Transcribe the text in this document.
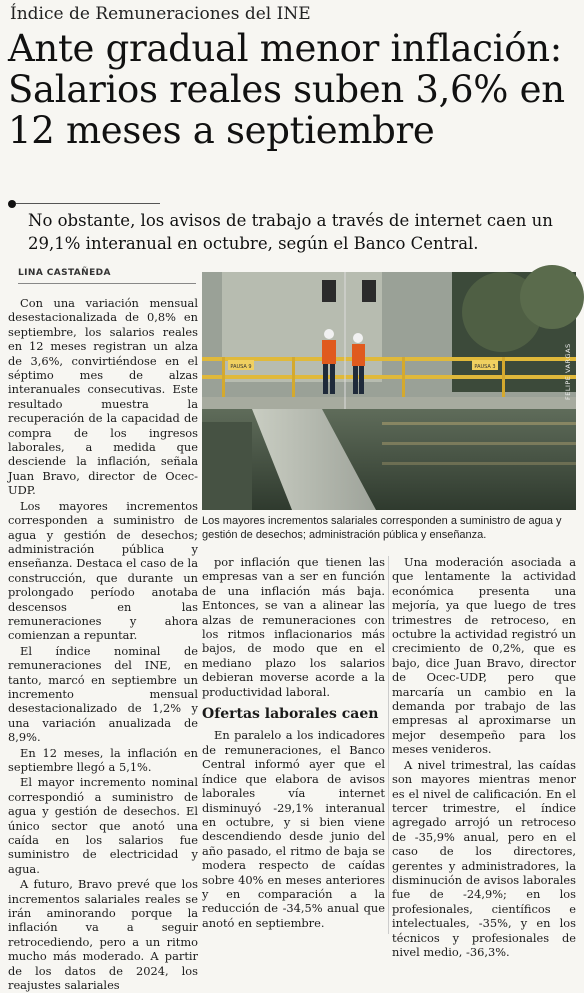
Índice de Remuneraciones del INE
Ante gradual menor inflación: Salarios reales suben 3,6% en 12 meses a septiembre
No obstante, los avisos de trabajo a través de internet caen un 29,1% interanual en octubre, según el Banco Central.
LINA CASTAÑEDA

Con una variación mensual desestacionalizada de 0,8% en septiembre, los salarios reales en 12 meses registran un alza de 3,6%, convirtiéndose en el séptimo mes de alzas interanuales consecutivas. Este resultado muestra la recuperación de la capacidad de compra de los ingresos laborales, a medida que desciende la inflación, señala Juan Bravo, director de Ocec-UDP.

Los mayores incrementos corresponden a suministro de agua y gestión de desechos; administración pública y enseñanza. Destaca el caso de la construcción, que durante un prolongado período anotaba descensos en las remuneraciones y ahora comienzan a repuntar.

El índice nominal de remuneraciones del INE, en tanto, marcó en septiembre un incremento mensual desestacionalizado de 1,2% y una variación anualizada de 8,9%.

En 12 meses, la inflación en septiembre llegó a 5,1%.

El mayor incremento nominal correspondió a suministro de agua y gestión de desechos. El único sector que anotó una caída en los salarios fue suministro de electricidad y agua.

A futuro, Bravo prevé que los incrementos salariales reales se irán aminorando porque la inflación va a seguir retrocediendo, pero a un ritmo mucho más moderado. A partir de los datos de 2024, los reajustes salariales

PAUSA 9	PAUSA 3	FELIPE VARGAS
Los mayores incrementos salariales corresponden a suministro de agua y gestión de desechos; administración pública y enseñanza.

por inflación que tienen las empresas van a ser en función de una inflación más baja. Entonces, se van a alinear las alzas de remuneraciones con los ritmos inflacionarios más bajos, de modo que en el mediano plazo los salarios debieran moverse acorde a la productividad laboral.

Ofertas laborales caen

En paralelo a los indicadores de remuneraciones, el Banco Central informó ayer que el índice que elabora de avisos laborales vía internet disminuyó -29,1% interanual en octubre, y si bien viene descendiendo desde junio del año pasado, el ritmo de baja se modera respecto de caídas sobre 40% en meses anteriores y en comparación a la reducción de -34,5% anual que anotó en septiembre.

Una moderación asociada a que lentamente la actividad económica presenta una mejoría, ya que luego de tres trimestres de retroceso, en octubre la actividad registró un crecimiento de 0,2%, que es bajo, dice Juan Bravo, director de Ocec-UDP, pero que marcaría un cambio en la demanda por trabajo de las empresas al aproximarse un mejor desempeño para los meses venideros.

A nivel trimestral, las caídas son mayores mientras menor es el nivel de calificación. En el tercer trimestre, el índice agregado arrojó un retroceso de -35,9% anual, pero en el caso de los directores, gerentes y administradores, la disminución de avisos laborales fue de -24,9%; en los profesionales, científicos e intelectuales, -35%, y en los técnicos y profesionales de nivel medio, -36,3%.
